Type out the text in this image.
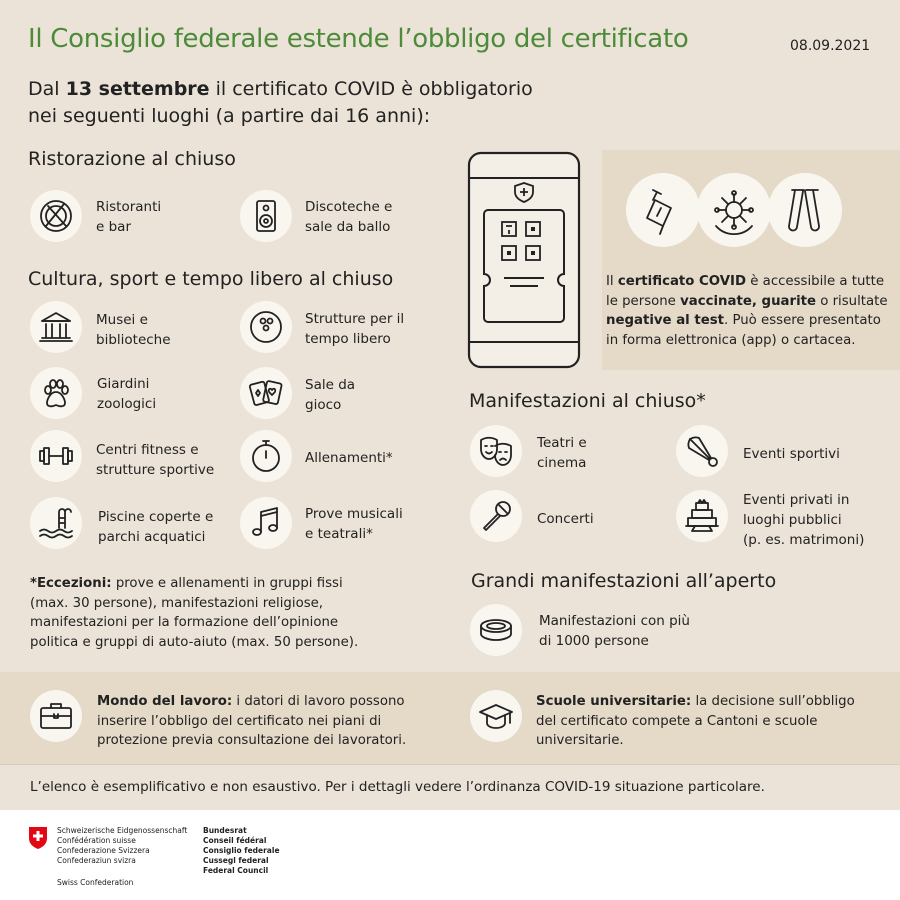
Il Consiglio federale estende l’obbligo del certificato	08.09.2021
Dal 13 settembre il certificato COVID è obbligatorio
nei seguenti luoghi (a partire dai 16 anni):
Il certificato COVID è accessibile a tutte le persone vaccinate, guarite o risultate negative al test. Può essere presentato in forma elettronica (app) o cartacea.
Ristorazione al chiuso
Ristoranti
e bar
Discoteche e
sale da ballo
Cultura, sport e tempo libero al chiuso
Musei e
biblioteche
Strutture per il
tempo libero
Giardini
zoologici
Sale da
gioco
Centri fitness e
strutture sportive
Allenamenti*
Piscine coperte e
parchi acquatici
Prove musicali
e teatrali*
*Eccezioni: prove e allenamenti in gruppi fissi
(max. 30 persone), manifestazioni religiose,
manifestazioni per la formazione dell’opinione
politica e gruppi di auto-aiuto (max. 50 persone).
Manifestazioni al chiuso*
Teatri e
cinema
Eventi sportivi
Concerti
Eventi privati in
luoghi pubblici
(p. es. matrimoni)
Grandi manifestazioni all’aperto
Manifestazioni con più
di 1000 persone
Mondo del lavoro: i datori di lavoro possono
inserire l’obbligo del certificato nei piani di
protezione previa consultazione dei lavoratori.
Scuole universitarie: la decisione sull’obbligo
del certificato compete a Cantoni e scuole
universitarie.
L’elenco è esemplificativo e non esaustivo. Per i dettagli vedere l’ordinanza COVID-19 situazione particolare.
Schweizerische Eidgenossenschaft
Confédération suisse
Confederazione Svizzera
Confederaziun svizra
Swiss Confederation
Bundesrat
Conseil fédéral
Consiglio federale
Cussegl federal
Federal Council
